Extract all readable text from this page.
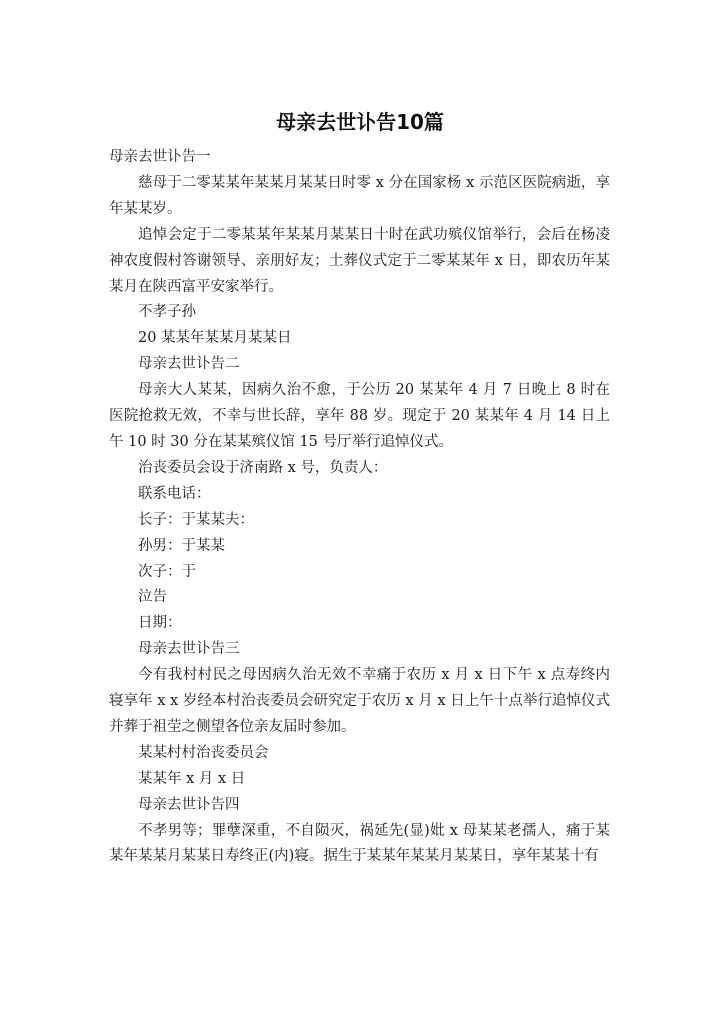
母亲去世讣告10篇

母亲去世讣告一

慈母于二零某某年某某月某某日时零 x 分在国家杨 x 示范区医院病逝，享年某某岁。

追悼会定于二零某某年某某月某某日十时在武功殡仪馆举行，会后在杨凌神农度假村答谢领导、亲朋好友；土葬仪式定于二零某某年 x 日，即农历年某某月在陕西富平安家举行。

不孝子孙

20 某某年某某月某某日

母亲去世讣告二

母亲大人某某，因病久治不愈，于公历 20 某某年 4 月 7 日晚上 8 时在医院抢救无效，不幸与世长辞，享年 88 岁。现定于 20 某某年 4 月 14 日上午 10 时 30 分在某某殡仪馆 15 号厅举行追悼仪式。

治丧委员会设于济南路 x 号，负责人：

联系电话：

长子：于某某夫：

孙男：于某某

次子：于

泣告

日期：

母亲去世讣告三

今有我村村民之母因病久治无效不幸痛于农历 x 月 x 日下午 x 点寿终内寝享年 x x 岁经本村治丧委员会研究定于农历 x 月 x 日上午十点举行追悼仪式并葬于祖茔之侧望各位亲友届时参加。

某某村村治丧委员会

某某年 x 月 x 日

母亲去世讣告四

不孝男等；罪孽深重，不自陨灭，祸延先(显)妣 x 母某某老孺人，痛于某某年某某月某某日寿终正(内)寝。据生于某某年某某月某某日，享年某某十有
